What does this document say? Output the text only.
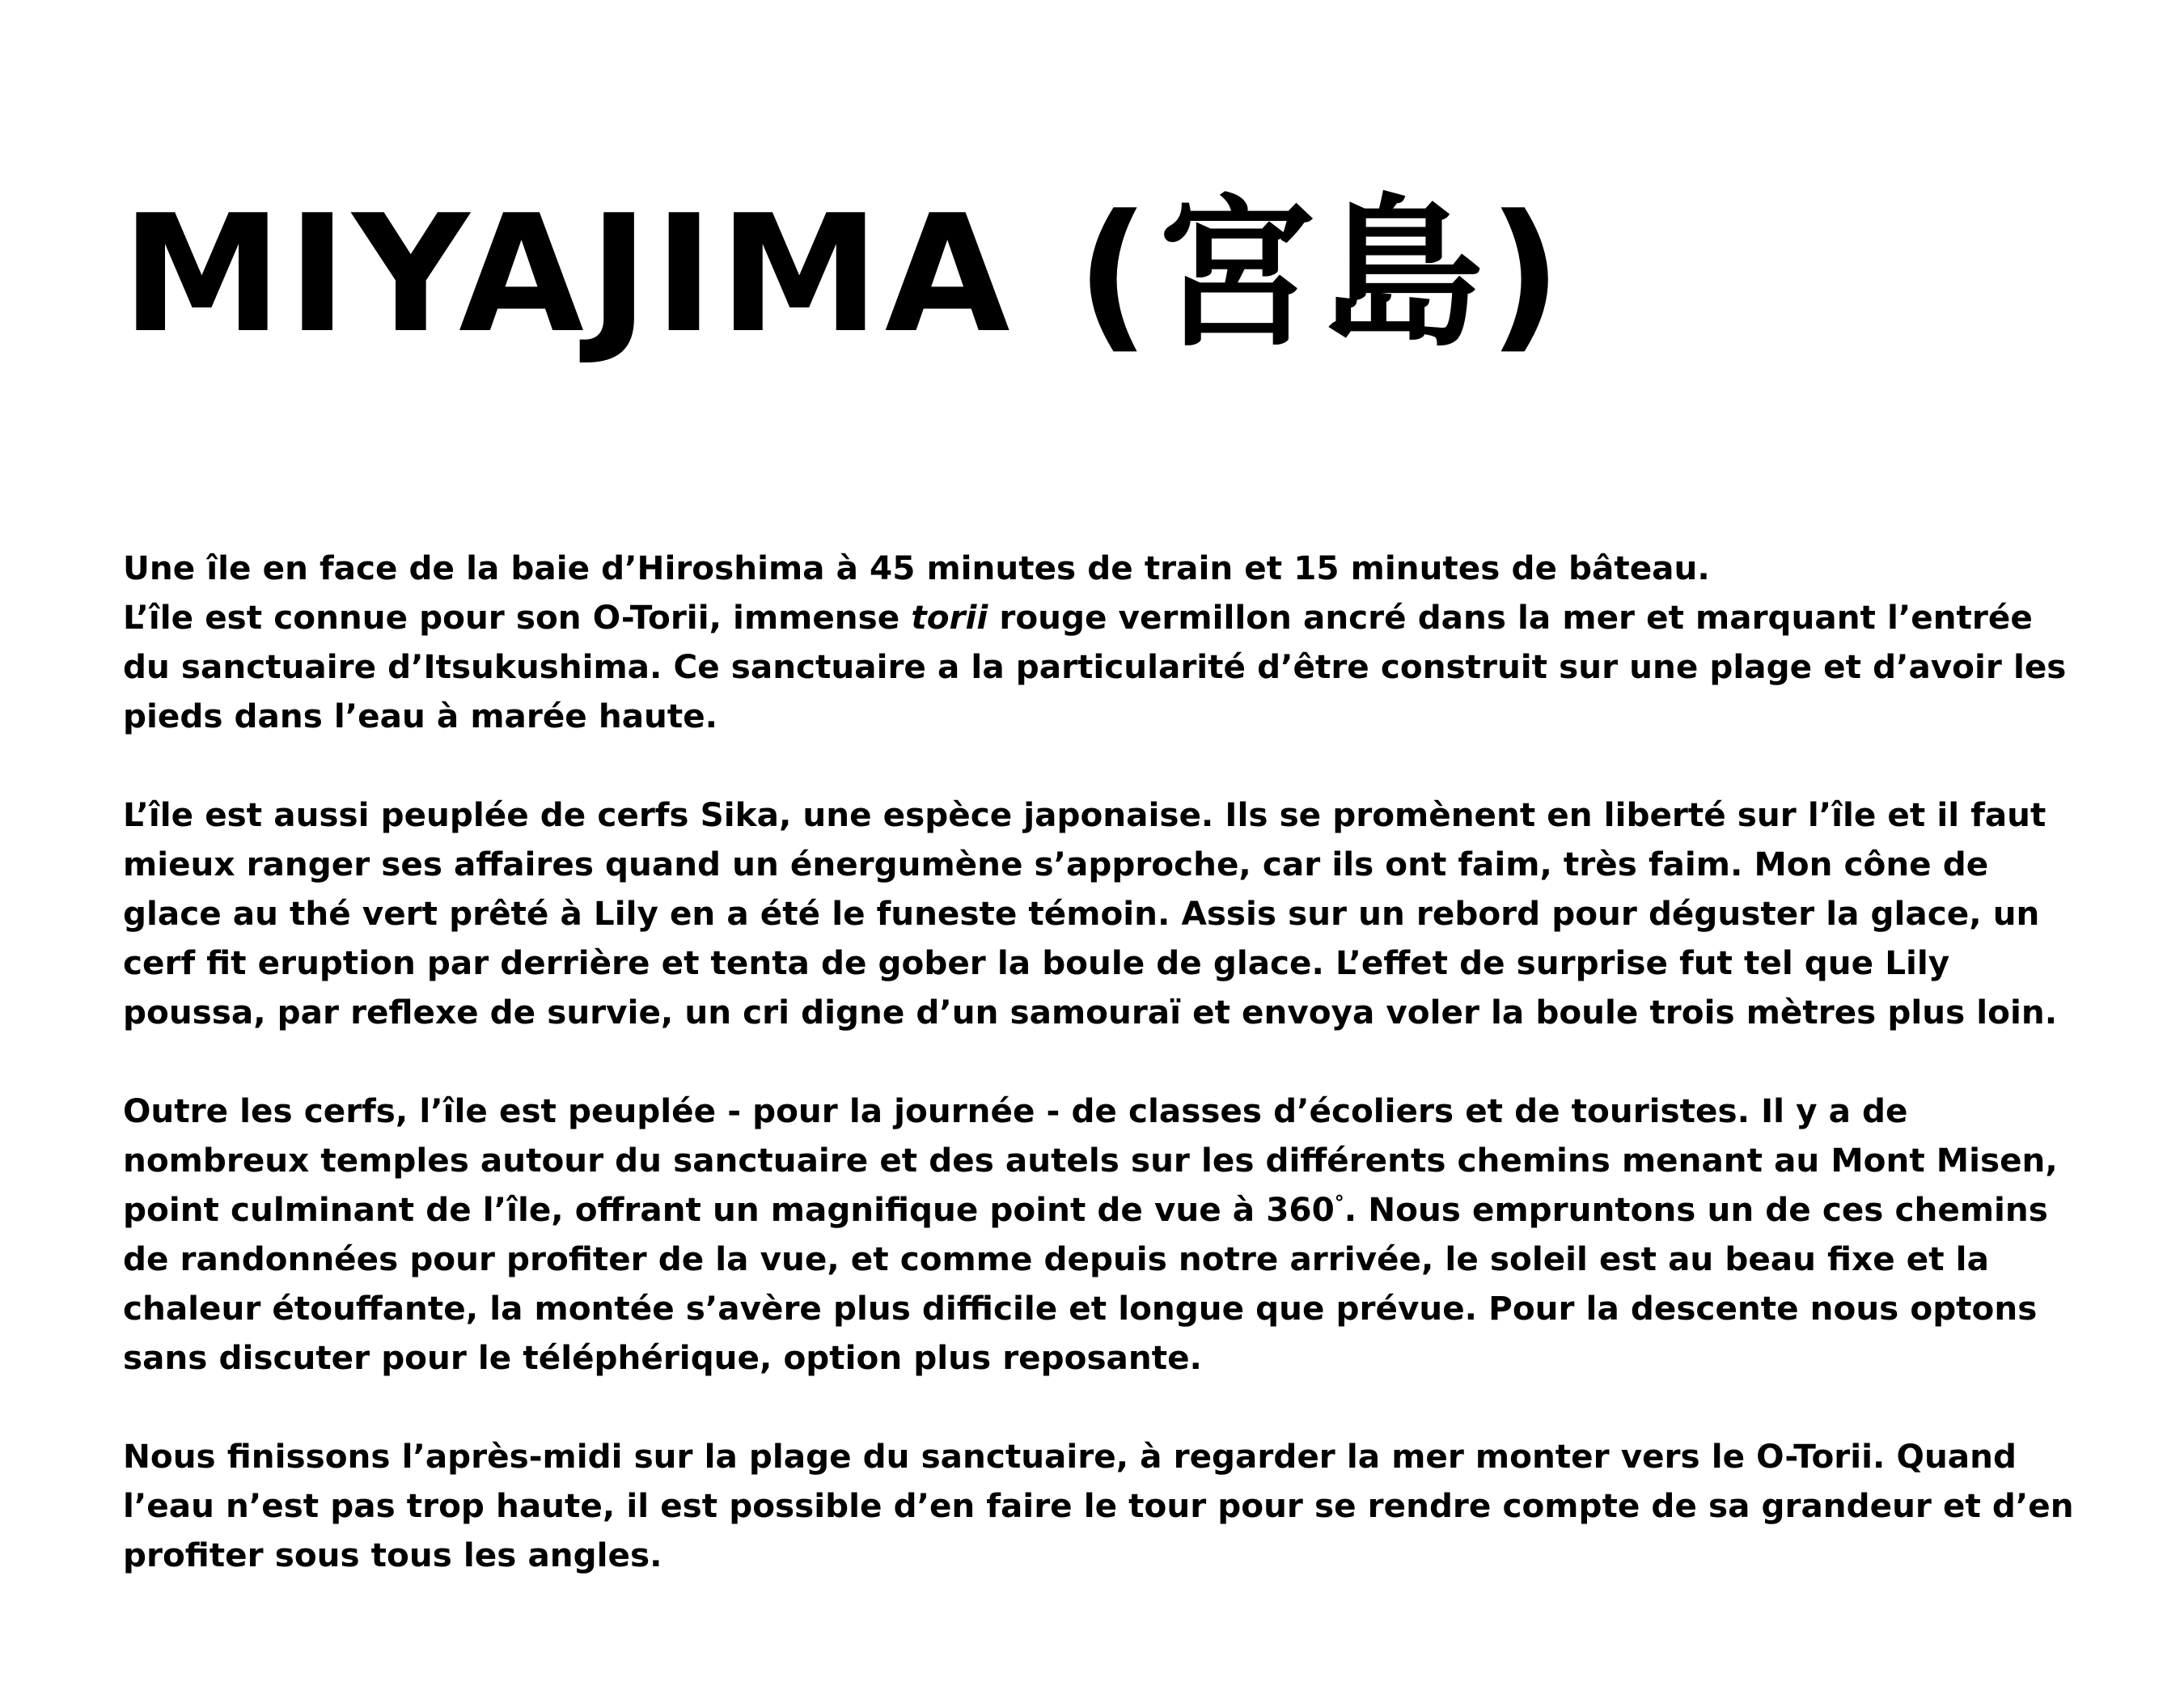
MIYAJIMA (宮島)

Une île en face de la baie d’Hiroshima à 45 minutes de train et 15 minutes de bâteau.
L’île est connue pour son O-Torii, immense torii rouge vermillon ancré dans la mer et marquant l’entrée du sanctuaire d’Itsukushima. Ce sanctuaire a la particularité d’être construit sur une plage et d’avoir les pieds dans l’eau à marée haute.

L’île est aussi peuplée de cerfs Sika, une espèce japonaise. Ils se promènent en liberté sur l’île et il faut mieux ranger ses affaires quand un énergumène s’approche, car ils ont faim, très faim. Mon cône de glace au thé vert prêté à Lily en a été le funeste témoin. Assis sur un rebord pour déguster la glace, un cerf fit eruption par derrière et tenta de gober la boule de glace. L’effet de surprise fut tel que Lily poussa, par reflexe de survie, un cri digne d’un samouraï et envoya voler la boule trois mètres plus loin.

Outre les cerfs, l’île est peuplée - pour la journée - de classes d’écoliers et de touristes. Il y a de nombreux temples autour du sanctuaire et des autels sur les différents chemins menant au Mont Misen, point culminant de l’île, offrant un magnifique point de vue à 360°. Nous empruntons un de ces chemins de randonnées pour profiter de la vue, et comme depuis notre arrivée, le soleil est au beau fixe et la chaleur étouffante, la montée s’avère plus difficile et longue que prévue. Pour la descente nous optons sans discuter pour le téléphérique, option plus reposante.

Nous finissons l’après-midi sur la plage du sanctuaire, à regarder la mer monter vers le O-Torii. Quand l’eau n’est pas trop haute, il est possible d’en faire le tour pour se rendre compte de sa grandeur et d’en profiter sous tous les angles.
